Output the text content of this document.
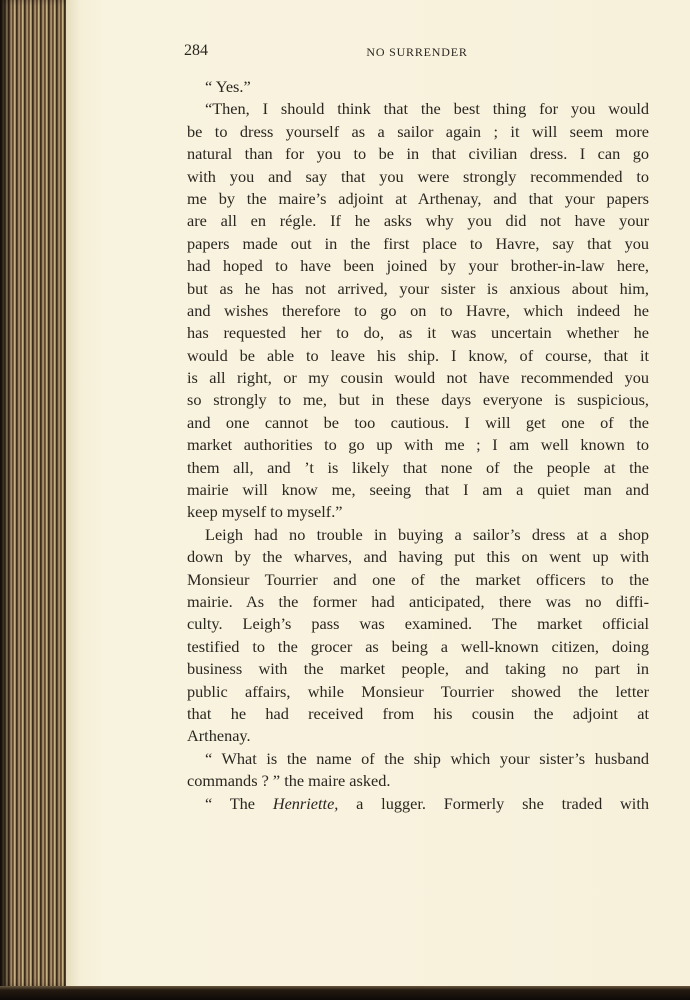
284	NO SURRENDER
“ Yes.”
“Then, I should think that the best thing for you would
be to dress yourself as a sailor again ; it will seem more
natural than for you to be in that civilian dress. I can go
with you and say that you were strongly recommended to
me by the maire’s adjoint at Arthenay, and that your papers
are all en régle. If he asks why you did not have your
papers made out in the first place to Havre, say that you
had hoped to have been joined by your brother-in-law here,
but as he has not arrived, your sister is anxious about him,
and wishes therefore to go on to Havre, which indeed he
has requested her to do, as it was uncertain whether he
would be able to leave his ship. I know, of course, that it
is all right, or my cousin would not have recommended you
so strongly to me, but in these days everyone is suspicious,
and one cannot be too cautious. I will get one of the
market authorities to go up with me ; I am well known to
them all, and ’t is likely that none of the people at the
mairie will know me, seeing that I am a quiet man and
keep myself to myself.”
Leigh had no trouble in buying a sailor’s dress at a shop
down by the wharves, and having put this on went up with
Monsieur Tourrier and one of the market officers to the
mairie. As the former had anticipated, there was no diffi-
culty. Leigh’s pass was examined. The market official
testified to the grocer as being a well-known citizen, doing
business with the market people, and taking no part in
public affairs, while Monsieur Tourrier showed the letter
that he had received from his cousin the adjoint at
Arthenay.
“ What is the name of the ship which your sister’s husband
commands ? ” the maire asked.
“ The Henriette, a lugger. Formerly she traded with
